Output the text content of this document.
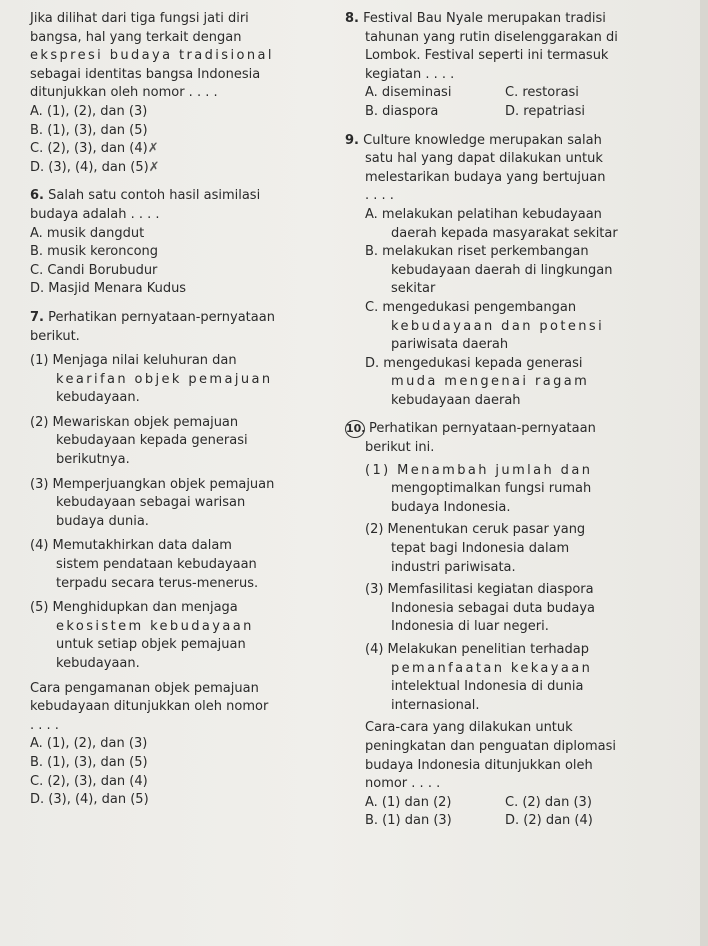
Jika dilihat dari tiga fungsi jati diri
bangsa, hal yang terkait dengan
ekspresi budaya tradisional
sebagai identitas bangsa Indonesia
ditunjukkan oleh nomor . . . .
A. (1), (2), dan (3)
B. (1), (3), dan (5)
C. (2), (3), dan (4)✗
D. (3), (4), dan (5)✗
6. Salah satu contoh hasil asimilasi
budaya adalah . . . .
A. musik dangdut
B. musik keroncong
C. Candi Borubudur
D. Masjid Menara Kudus
7. Perhatikan pernyataan-pernyataan
berikut.
(1) Menjaga nilai keluhuran dan
kearifan objek pemajuan
kebudayaan.
(2) Mewariskan objek pemajuan
kebudayaan kepada generasi
berikutnya.
(3) Memperjuangkan objek pemajuan
kebudayaan sebagai warisan
budaya dunia.
(4) Memutakhirkan data dalam
sistem pendataan kebudayaan
terpadu secara terus-menerus.
(5) Menghidupkan dan menjaga
ekosistem kebudayaan
untuk setiap objek pemajuan
kebudayaan.
Cara pengamanan objek pemajuan
kebudayaan ditunjukkan oleh nomor
. . . .
A. (1), (2), dan (3)
B. (1), (3), dan (5)
C. (2), (3), dan (4)
D. (3), (4), dan (5)
8. Festival Bau Nyale merupakan tradisi
tahunan yang rutin diselenggarakan di
Lombok. Festival seperti ini termasuk
kegiatan . . . .
A. diseminasi	C. restorasi
B. diaspora	D. repatriasi
9. Culture knowledge merupakan salah
satu hal yang dapat dilakukan untuk
melestarikan budaya yang bertujuan
. . . .
A. melakukan pelatihan kebudayaan
daerah kepada masyarakat sekitar
B. melakukan riset perkembangan
kebudayaan daerah di lingkungan
sekitar
C. mengedukasi pengembangan
kebudayaan dan potensi
pariwisata daerah
D. mengedukasi kepada generasi
muda mengenai ragam
kebudayaan daerah
10. Perhatikan pernyataan-pernyataan
berikut ini.
(1) Menambah jumlah dan
mengoptimalkan fungsi rumah
budaya Indonesia.
(2) Menentukan ceruk pasar yang
tepat bagi Indonesia dalam
industri pariwisata.
(3) Memfasilitasi kegiatan diaspora
Indonesia sebagai duta budaya
Indonesia di luar negeri.
(4) Melakukan penelitian terhadap
pemanfaatan kekayaan
intelektual Indonesia di dunia
internasional.
Cara-cara yang dilakukan untuk
peningkatan dan penguatan diplomasi
budaya Indonesia ditunjukkan oleh
nomor . . . .
A. (1) dan (2)	C. (2) dan (3)
B. (1) dan (3)	D. (2) dan (4)
